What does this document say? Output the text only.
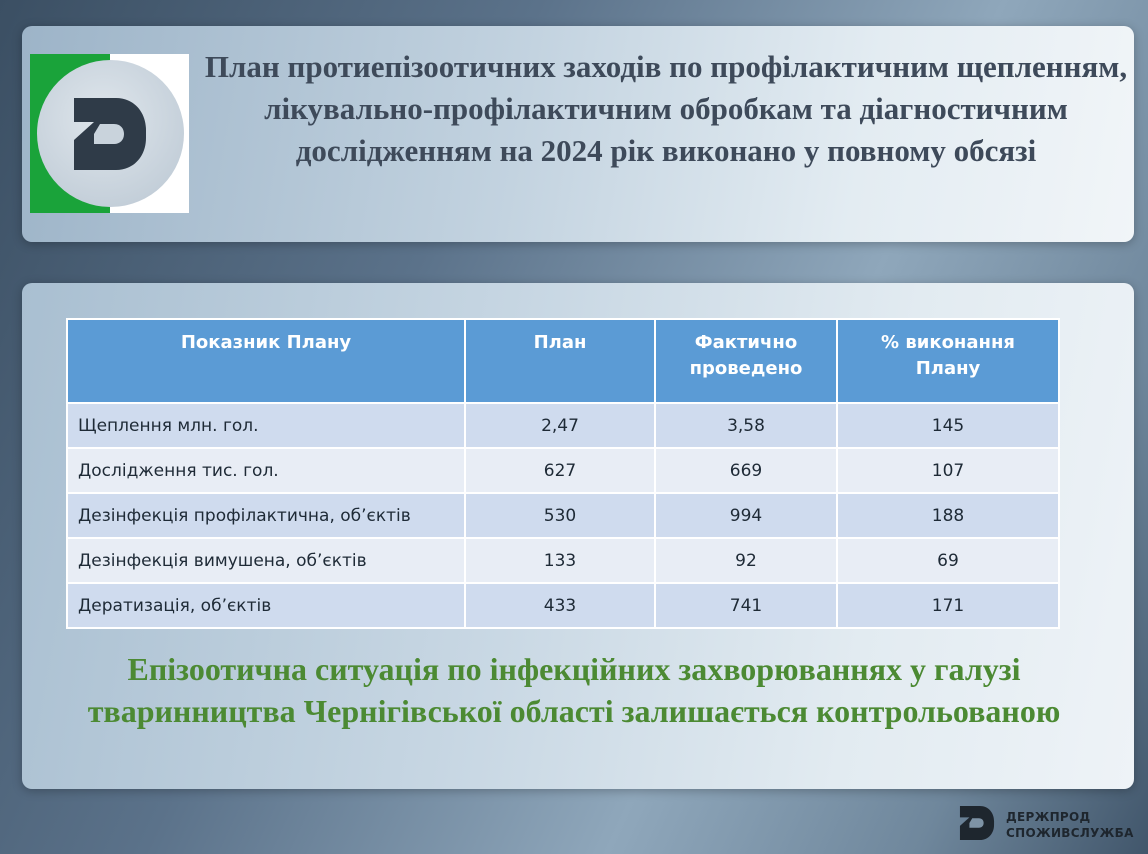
План протиепізоотичних заходів по профілактичним щепленням, лікувально-профілактичним обробкам та діагностичним дослідженням на 2024 рік виконано у повному обсязі
Показник Плану	План	Фактично проведено	% виконання Плану
Щеплення млн. гол.	2,47	3,58	145
Дослідження тис. гол.	627	669	107
Дезінфекція профілактична, об’єктів	530	994	188
Дезінфекція вимушена, об’єктів	133	92	69
Дератизація, об’єктів	433	741	171

Епізоотична ситуація по інфекційних захворюваннях у галузі тваринництва Чернігівської області залишається контрольованою

ДЕРЖПРОД
СПОЖИВСЛУЖБА
